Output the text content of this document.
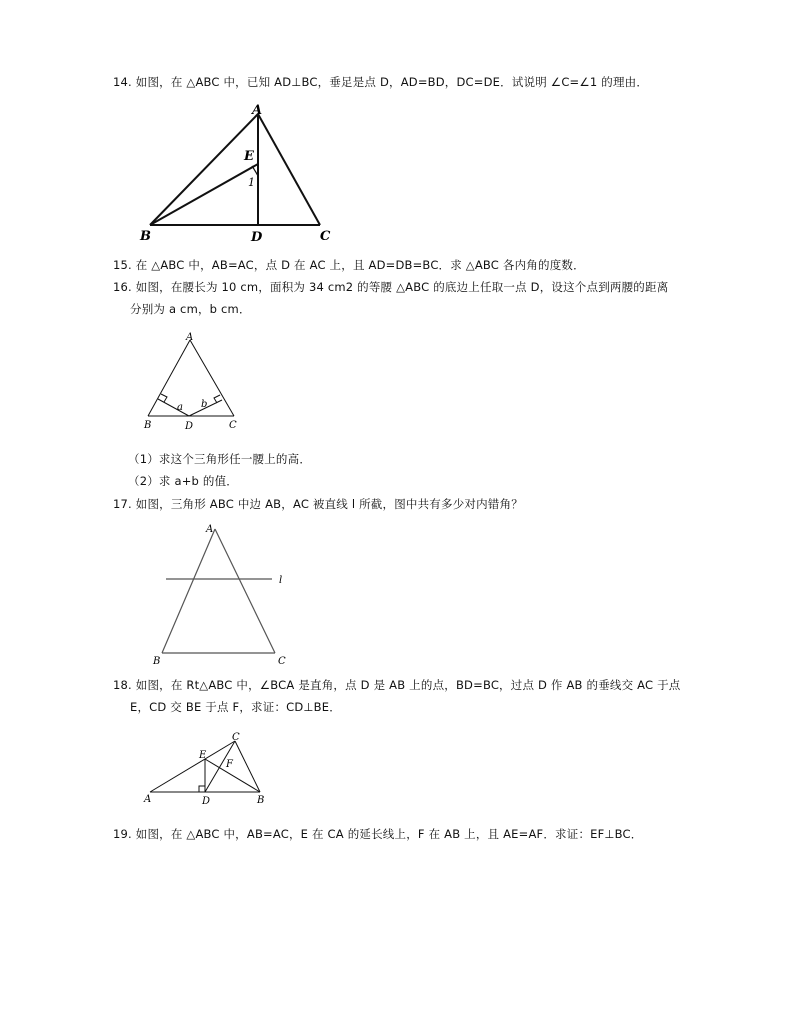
14. 如图，在 △ABC 中，已知 AD⊥BC，垂足是点 D，AD=BD，DC=DE．试说明 ∠C=∠1 的理由．
A
B	C
D
E
1
15. 在 △ABC 中，AB=AC，点 D 在 AC 上，且 AD=DB=BC．求 △ABC 各内角的度数．
16. 如图，在腰长为 10 cm，面积为 34 cm2 的等腰 △ABC 的底边上任取一点 D，设这个点到两腰的距离
分别为 a cm，b cm．
A
B	C
D
a b
（1）求这个三角形任一腰上的高．
（2）求 a+b 的值．
17. 如图，三角形 ABC 中边 AB，AC 被直线 l 所截，图中共有多少对内错角？
A
B	C
l
18. 如图，在 Rt△ABC 中，∠BCA 是直角，点 D 是 AB 上的点，BD=BC，过点 D 作 AB 的垂线交 AC 于点
E，CD 交 BE 于点 F，求证：CD⊥BE．
A	B
C
D
E
F
19. 如图，在 △ABC 中，AB=AC，E 在 CA 的延长线上，F 在 AB 上，且 AE=AF．求证：EF⊥BC．
